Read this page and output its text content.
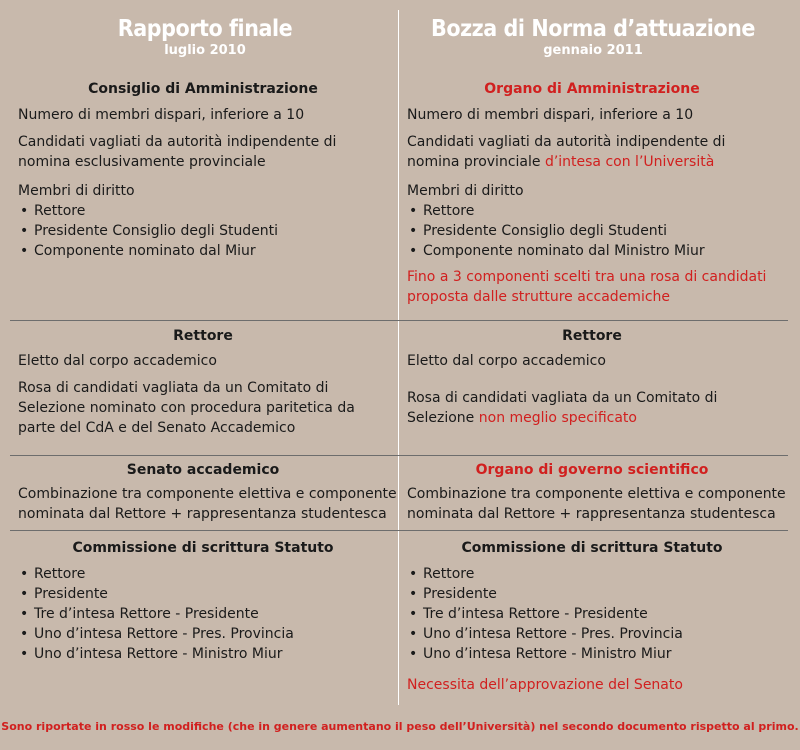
Rapporto finale
luglio 2010
Bozza di Norma d’attuazione
gennaio 2011
Consiglio di Amministrazione
Numero di membri dispari, inferiore a 10
Candidati vagliati da autorità indipendente di nomina esclusivamente provinciale
Membri di diritto
• Rettore
• Presidente Consiglio degli Studenti
• Componente nominato dal Miur
Organo di Amministrazione
Numero di membri dispari, inferiore a 10
Candidati vagliati da autorità indipendente di nomina provinciale d’intesa con l’Università
Membri di diritto
• Rettore
• Presidente Consiglio degli Studenti
• Componente nominato dal Ministro Miur
Fino a 3 componenti scelti tra una rosa di candidati proposta dalle strutture accademiche
Rettore
Eletto dal corpo accademico
Rosa di candidati vagliata da un Comitato di Selezione nominato con procedura paritetica da parte del CdA e del Senato Accademico
Rettore
Eletto dal corpo accademico
Rosa di candidati vagliata da un Comitato di Selezione non meglio specificato
Senato accademico
Combinazione tra componente elettiva e componente nominata dal Rettore + rappresentanza studentesca
Organo di governo scientifico
Combinazione tra componente elettiva e componente nominata dal Rettore + rappresentanza studentesca
Commissione di scrittura Statuto
• Rettore
• Presidente
• Tre d’intesa Rettore - Presidente
• Uno d’intesa Rettore - Pres. Provincia
• Uno d’intesa Rettore - Ministro Miur
Commissione di scrittura Statuto
• Rettore
• Presidente
• Tre d’intesa Rettore - Presidente
• Uno d’intesa Rettore - Pres. Provincia
• Uno d’intesa Rettore - Ministro Miur
Necessita dell’approvazione del Senato
Sono riportate in rosso le modifiche (che in genere aumentano il peso dell’Università) nel secondo documento rispetto al primo.
